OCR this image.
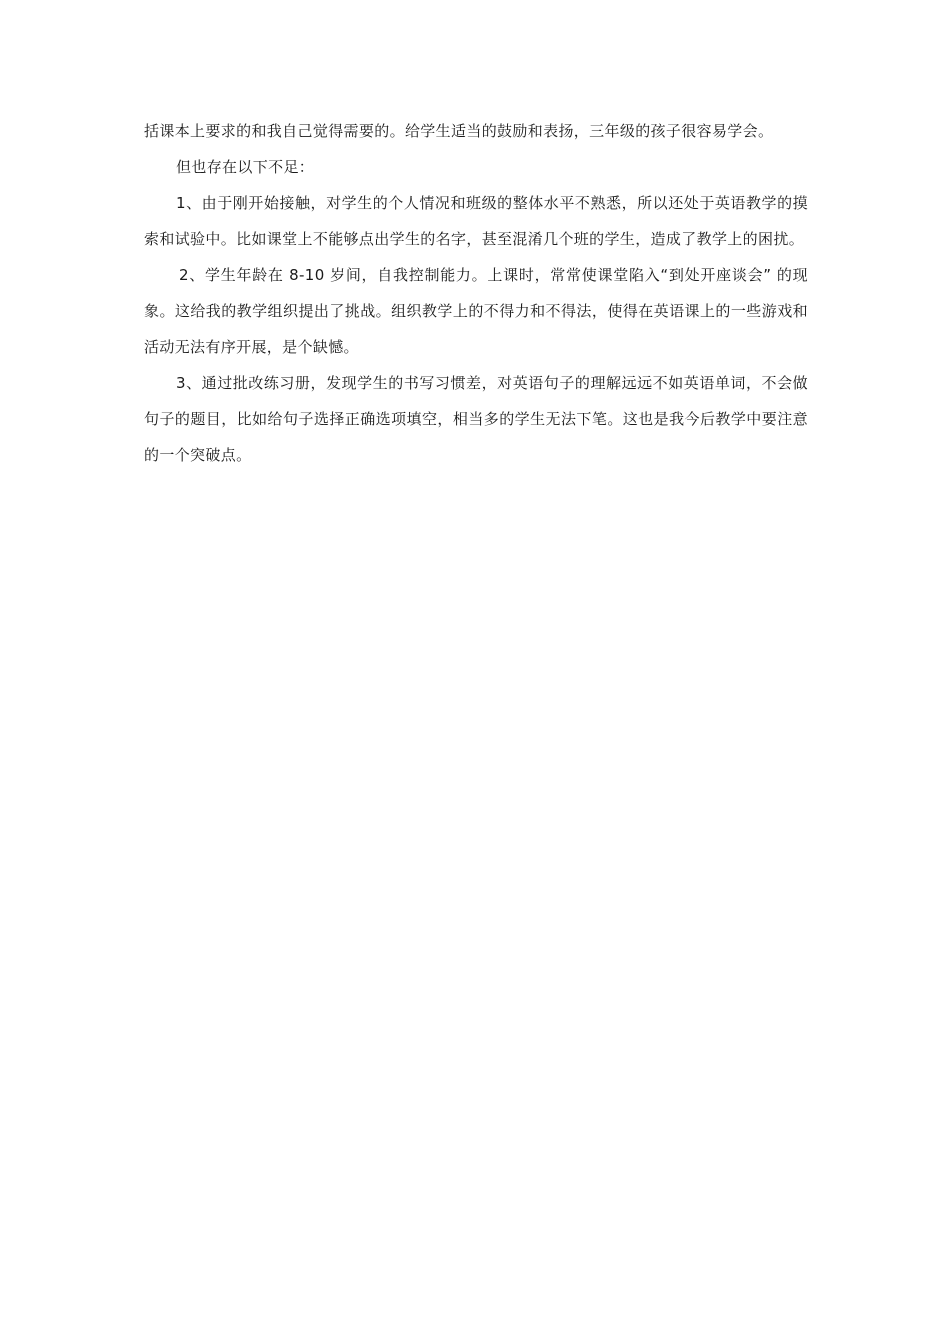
括课本上要求的和我自己觉得需要的。给学生适当的鼓励和表扬，三年级的孩子很容易学会。

但也存在以下不足：

1、由于刚开始接触，对学生的个人情况和班级的整体水平不熟悉，所以还处于英语教学的摸索和试验中。比如课堂上不能够点出学生的名字，甚至混淆几个班的学生，造成了教学上的困扰。

2、学生年龄在 8-10 岁间，自我控制能力。上课时，常常使课堂陷入“到处开座谈会” 的现象。这给我的教学组织提出了挑战。组织教学上的不得力和不得法，使得在英语课上的一些游戏和活动无法有序开展，是个缺憾。

3、通过批改练习册，发现学生的书写习惯差，对英语句子的理解远远不如英语单词，不会做句子的题目，比如给句子选择正确选项填空，相当多的学生无法下笔。这也是我今后教学中要注意的一个突破点。
